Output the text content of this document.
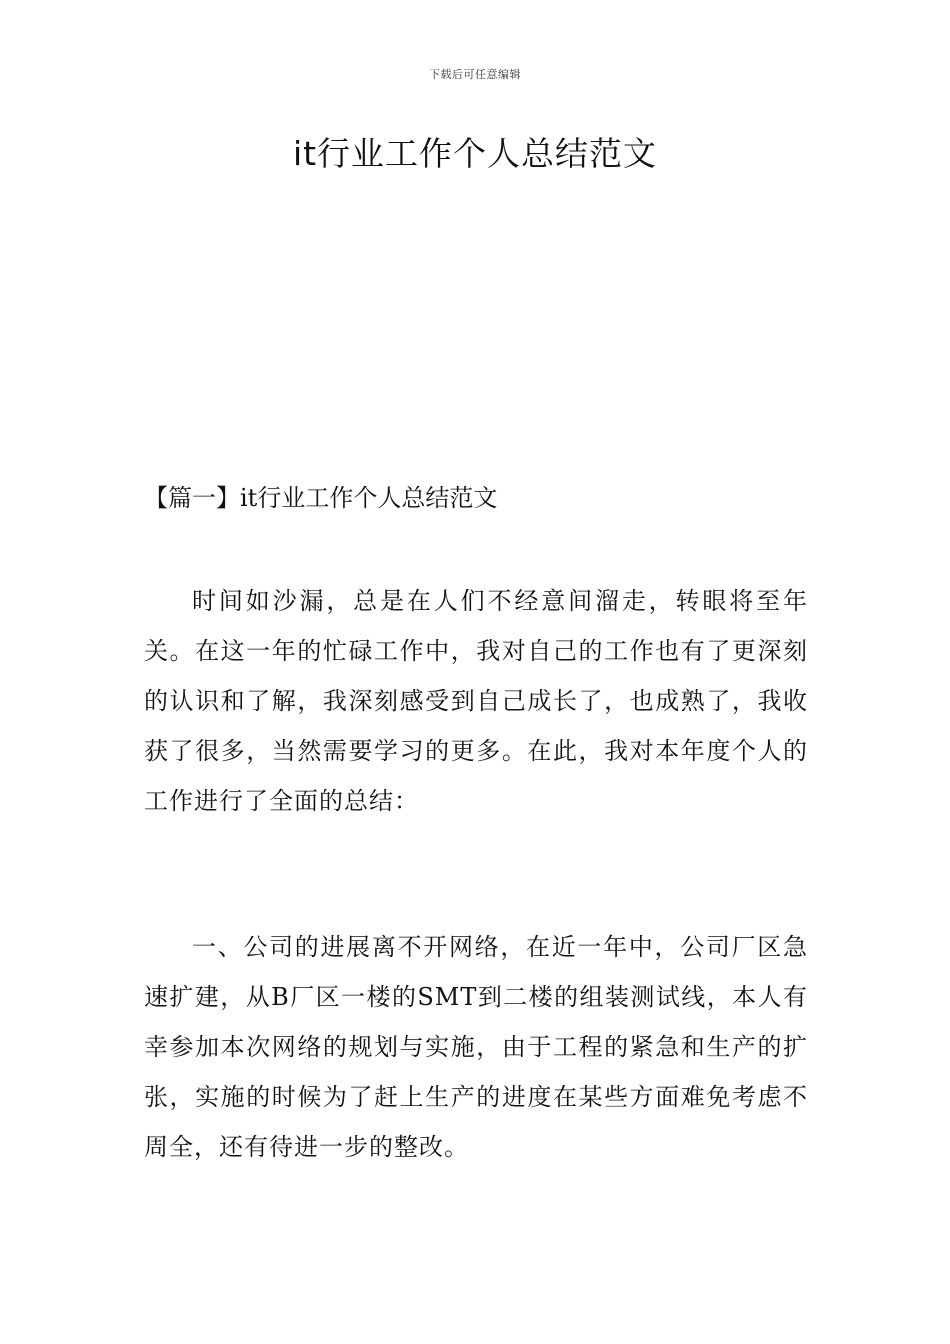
下载后可任意编辑
it行业工作个人总结范文
【篇一】it行业工作个人总结范文

时间如沙漏，总是在人们不经意间溜走，转眼将至年关。在这一年的忙碌工作中，我对自己的工作也有了更深刻的认识和了解，我深刻感受到自己成长了，也成熟了，我收获了很多，当然需要学习的更多。在此，我对本年度个人的工作进行了全面的总结：

一、公司的进展离不开网络，在近一年中，公司厂区急速扩建，从B厂区一楼的SMT到二楼的组装测试线，本人有幸参加本次网络的规划与实施，由于工程的紧急和生产的扩张，实施的时候为了赶上生产的进度在某些方面难免考虑不周全，还有待进一步的整改。
